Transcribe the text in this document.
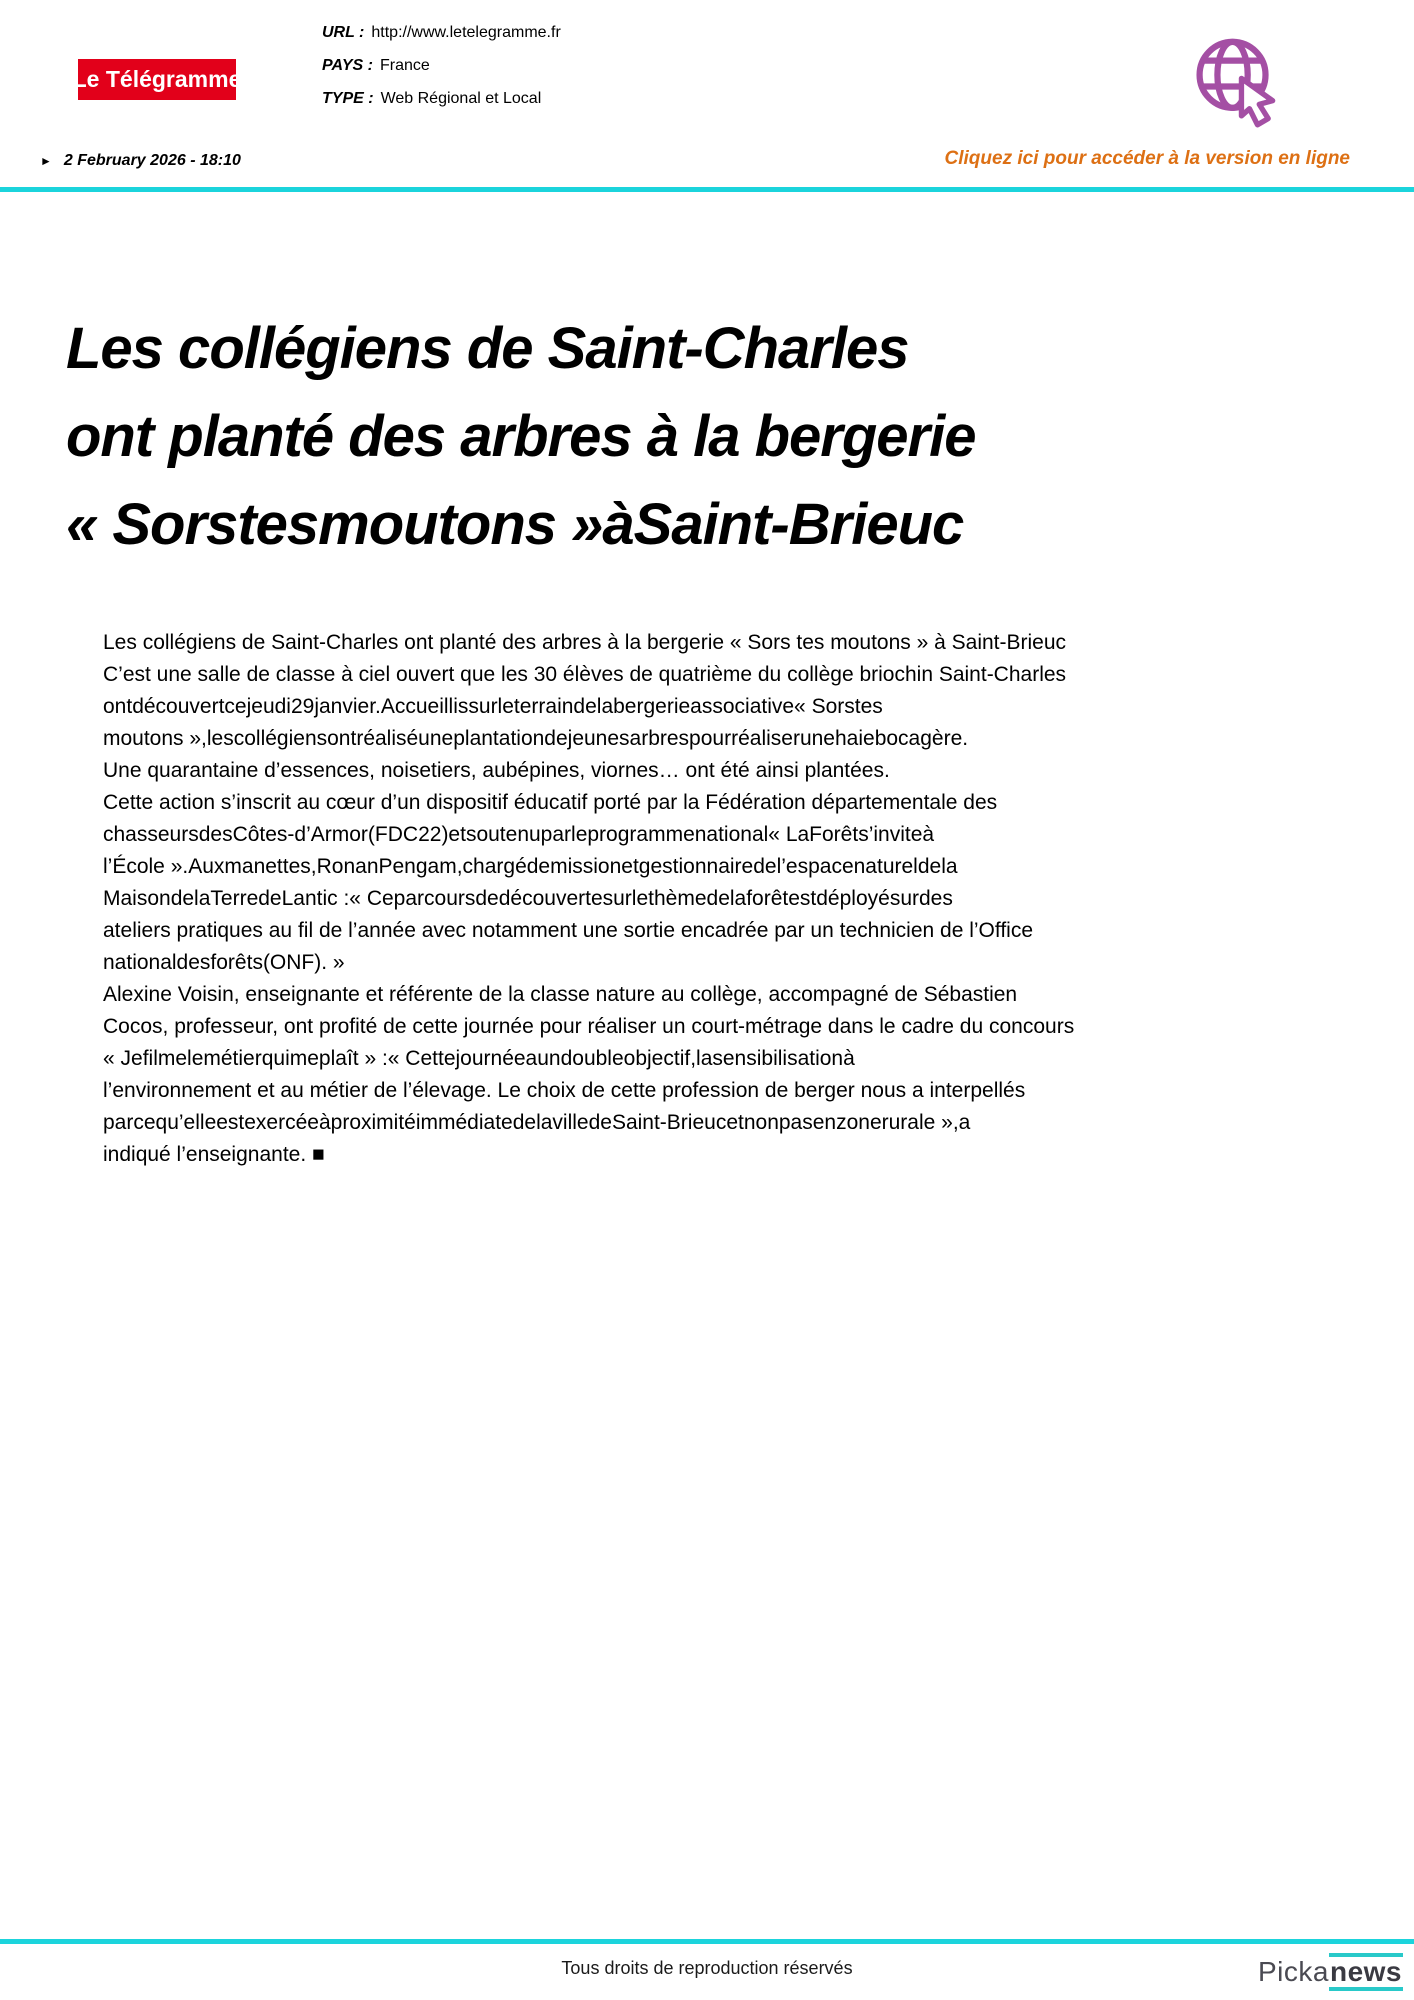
Le Télégramme
URL : http://www.letelegramme.fr
PAYS : France
TYPE : Web Régional et Local
► 2 February 2026 - 18:10	Cliquez ici pour accéder à la version en ligne
Les collégiens de Saint-Charles
ont planté des arbres à la bergerie
« Sorstesmoutons »àSaint-Brieuc
Les collégiens de Saint-Charles ont planté des arbres à la bergerie « Sors tes moutons » à Saint-Brieuc
C’est une salle de classe à ciel ouvert que les 30 élèves de quatrième du collège briochin Saint-Charles
ontdécouvertcejeudi29janvier.Accueillissurleterraindelabergerieassociative« Sorstes
moutons »,lescollégiensontréaliséuneplantationdejeunesarbrespourréaliserunehaiebocagère.
Une quarantaine d’essences, noisetiers, aubépines, viornes… ont été ainsi plantées.
Cette action s’inscrit au cœur d’un dispositif éducatif porté par la Fédération départementale des
chasseursdesCôtes-d’Armor(FDC22)etsoutenuparleprogrammenational« LaForêts’inviteà
l’École ».Auxmanettes,RonanPengam,chargédemissionetgestionnairedel’espacenatureldela
MaisondelaTerredeLantic :« Ceparcoursdedécouvertesurlethèmedelaforêtestdéployésurdes
ateliers pratiques au fil de l’année avec notamment une sortie encadrée par un technicien de l’Office
nationaldesforêts(ONF). »
Alexine Voisin, enseignante et référente de la classe nature au collège, accompagné de Sébastien
Cocos, professeur, ont profité de cette journée pour réaliser un court-métrage dans le cadre du concours
« Jefilmelemétierquimeplaît » :« Cettejournéeaundoubleobjectif,lasensibilisationà
l’environnement et au métier de l’élevage. Le choix de cette profession de berger nous a interpellés
parcequ’elleestexercéeàproximitéimmédiatedelavilledeSaint-Brieucetnonpasenzonerurale »,a
indiqué l’enseignante. ■
Tous droits de reproduction réservés	Picka news
